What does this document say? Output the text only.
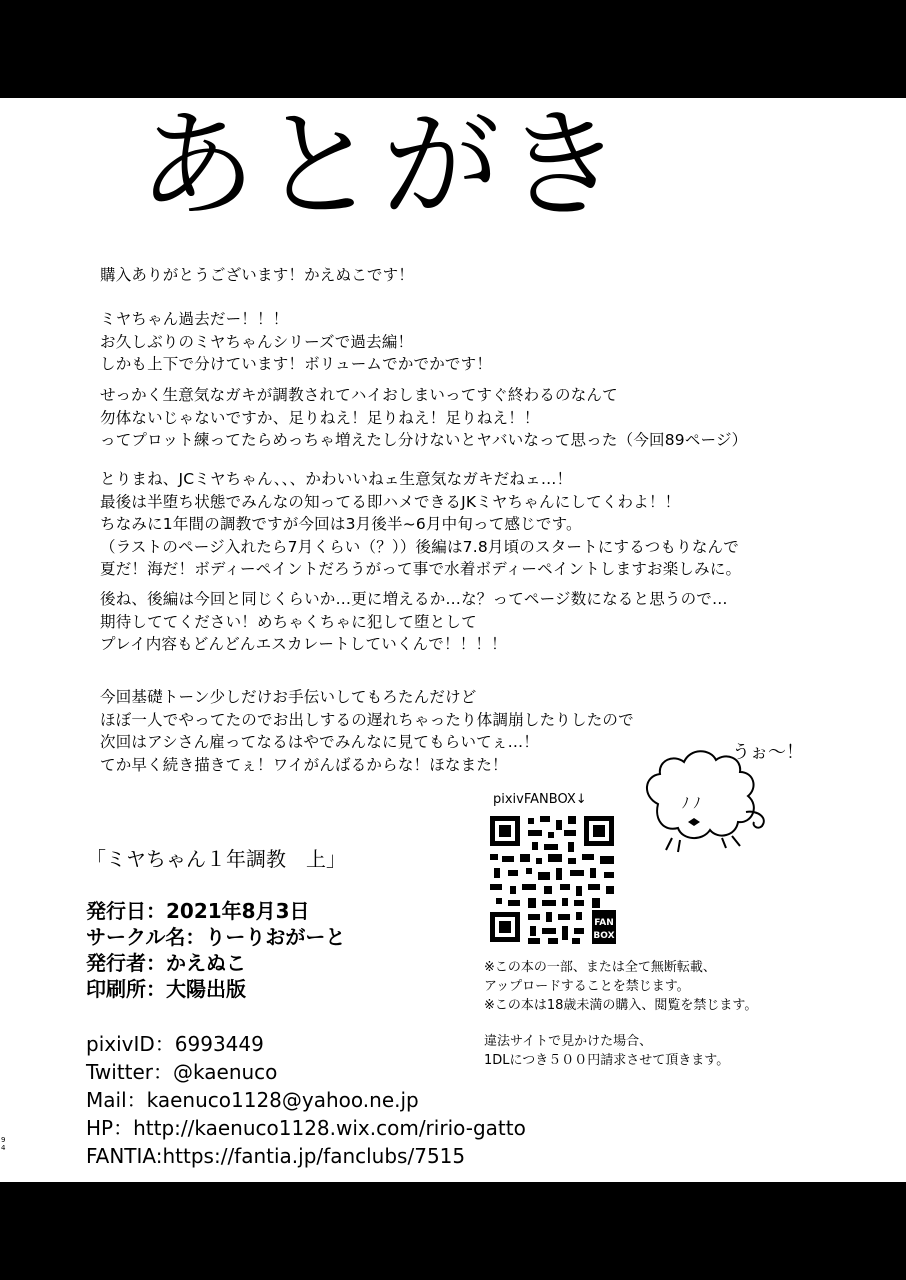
あとがき
購入ありがとうございます！かえぬこです！
ミヤちゃん過去だー！！！
お久しぶりのミヤちゃんシリーズで過去編！
しかも上下で分けています！ボリュームでかでかです！
せっかく生意気なガキが調教されてハイおしまいってすぐ終わるのなんて
勿体ないじゃないですか、足りねえ！足りねえ！足りねえ！！
ってプロット練ってたらめっちゃ増えたし分けないとヤバいなって思った（今回89ページ）
とりまね、JCミヤちゃん、、、かわいいねェ生意気なガキだねェ…！
最後は半堕ち状態でみんなの知ってる即ハメできるJKミヤちゃんにしてくわよ！！
ちなみに1年間の調教ですが今回は3月後半~6月中旬って感じです。
（ラストのページ入れたら7月くらい（？））後編は7.8月頃のスタートにするつもりなんで
夏だ！海だ！ボディーペイントだろうがって事で水着ボディーペイントしますお楽しみに。
後ね、後編は今回と同じくらいか…更に増えるか…な？ってページ数になると思うので…
期待しててください！めちゃくちゃに犯して堕として
プレイ内容もどんどんエスカレートしていくんで！！！！
今回基礎トーン少しだけお手伝いしてもろたんだけど
ほぼ一人でやってたのでお出しするの遅れちゃったり体調崩したりしたので
次回はアシさん雇ってなるはやでみんなに見てもらいてぇ…！
てか早く続き描きてぇ！ワイがんばるからな！ほなまた！
ﾉ ﾉ
うぉ〜！
pixivFANBOX↓
FAN
BOX
「ミヤちゃん１年調教　上」
発行日：2021年8月3日
サークル名：りーりおがーと
発行者：かえぬこ
印刷所：大陽出版
※この本の一部、または全て無断転載、
アップロードすることを禁じます。
※この本は18歳未満の購入、閲覧を禁じます。
違法サイトで見かけた場合、
1DLにつき５００円請求させて頂きます。
pixivID：6993449
Twitter：@kaenuco
Mail：kaenuco1128@yahoo.ne.jp
HP：http://kaenuco1128.wix.com/ririo-gatto
FANTIA:https://fantia.jp/fanclubs/7515
9
4
